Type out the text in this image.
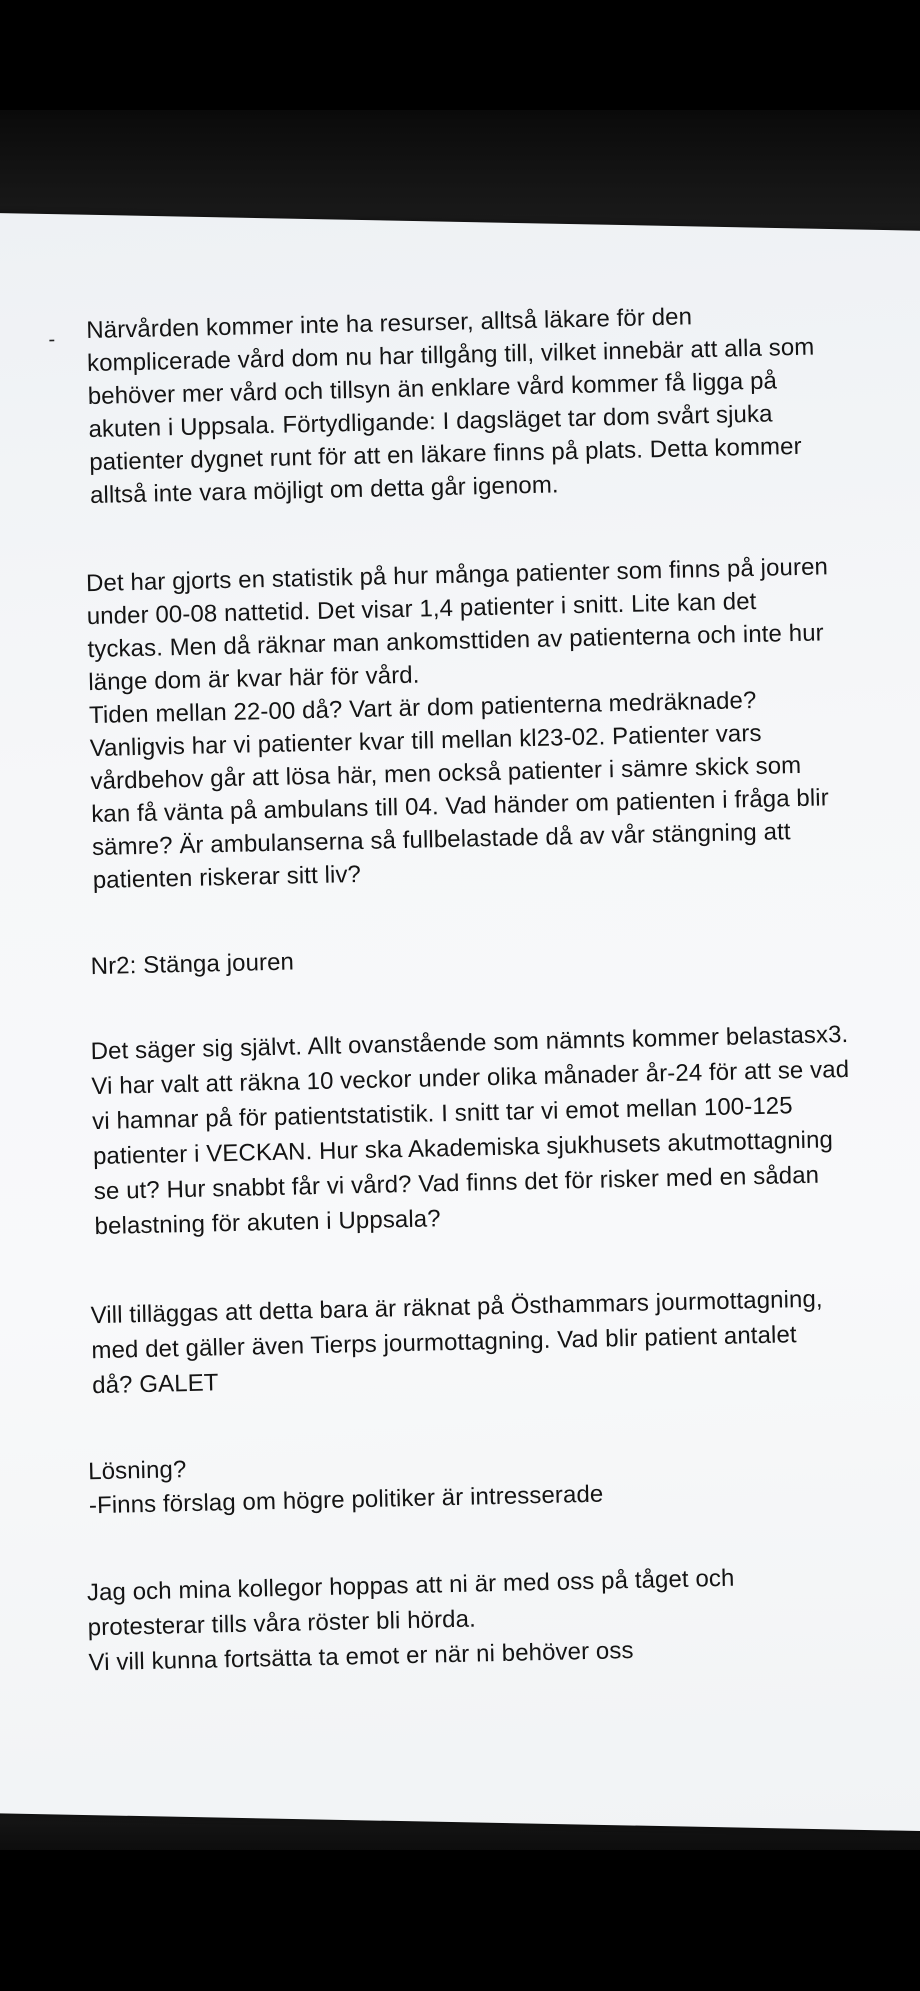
- Närvården kommer inte ha resurser, alltså läkare för den
komplicerade vård dom nu har tillgång till, vilket innebär att alla som
behöver mer vård och tillsyn än enklare vård kommer få ligga på
akuten i Uppsala. Förtydligande: I dagsläget tar dom svårt sjuka
patienter dygnet runt för att en läkare finns på plats. Detta kommer
alltså inte vara möjligt om detta går igenom.
Det har gjorts en statistik på hur många patienter som finns på jouren
under 00-08 nattetid. Det visar 1,4 patienter i snitt. Lite kan det
tyckas. Men då räknar man ankomsttiden av patienterna och inte hur
länge dom är kvar här för vård.
Tiden mellan 22-00 då? Vart är dom patienterna medräknade?
Vanligvis har vi patienter kvar till mellan kl23-02. Patienter vars
vårdbehov går att lösa här, men också patienter i sämre skick som
kan få vänta på ambulans till 04. Vad händer om patienten i fråga blir
sämre? Är ambulanserna så fullbelastade då av vår stängning att
patienten riskerar sitt liv?
Nr2: Stänga jouren
Det säger sig självt. Allt ovanstående som nämnts kommer belastasx3.
Vi har valt att räkna 10 veckor under olika månader år-24 för att se vad
vi hamnar på för patientstatistik. I snitt tar vi emot mellan 100-125
patienter i VECKAN. Hur ska Akademiska sjukhusets akutmottagning
se ut? Hur snabbt får vi vård? Vad finns det för risker med en sådan
belastning för akuten i Uppsala?
Vill tilläggas att detta bara är räknat på Östhammars jourmottagning,
med det gäller även Tierps jourmottagning. Vad blir patient antalet
då? GALET
Lösning?
-Finns förslag om högre politiker är intresserade
Jag och mina kollegor hoppas att ni är med oss på tåget och
protesterar tills våra röster bli hörda.
Vi vill kunna fortsätta ta emot er när ni behöver oss
